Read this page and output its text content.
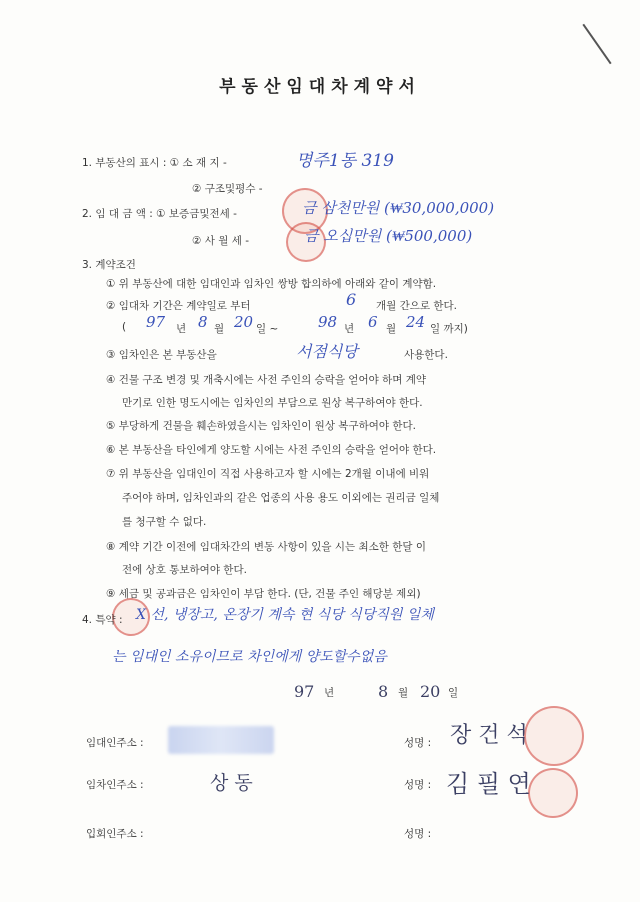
부동산임대차계약서
1. 부동산의 표시 : ① 소 재 지 -	명주1동 319
② 구조및평수 -
2. 임 대 금 액 : ① 보증금및전세 -	금 삼천만원 (₩30,000,000)
② 사 월 세 -	금 오십만원 (₩500,000)
3. 계약조건
① 위 부동산에 대한 임대인과 임차인 쌍방 합의하에 아래와 같이 계약함.
② 임대차 기간은 계약일로 부터	6 개월 간으로 한다.
( 97 년 8 월 20 일 ~	98 년 6 월 24 일 까지)
③ 임차인은 본 부동산을	서점식당	사용한다.
④ 건물 구조 변경 및 개축시에는 사전 주인의 승락을 얻어야 하며 계약
만기로 인한 명도시에는 임차인의 부담으로 원상 복구하여야 한다.
⑤ 부당하게 건물을 훼손하였을시는 임차인이 원상 복구하여야 한다.
⑥ 본 부동산을 타인에게 양도할 시에는 사전 주인의 승락을 얻어야 한다.
⑦ 위 부동산을 임대인이 직접 사용하고자 할 시에는 2개월 이내에 비워
주어야 하며, 임차인과의 같은 업종의 사용 용도 이외에는 권리금 일체
를 청구할 수 없다.
⑧ 계약 기간 이전에 임대차간의 변동 사항이 있을 시는 최소한 한달 이
전에 상호 통보하여야 한다.
⑨ 세금 및 공과금은 임차인이 부담 한다. (단, 건물 주인 해당분 제외)
4. 특약 : X 선, 냉장고, 온장기 계속 현 식당 식당직원 일체
는 임대인 소유이므로 차인에게 양도할수없음
97 년	8 월 20 일
임대인주소 :	성명 : 장 건 석
임차인주소 :	상 동	성명 : 김 필 연
입회인주소 :	성명 :
